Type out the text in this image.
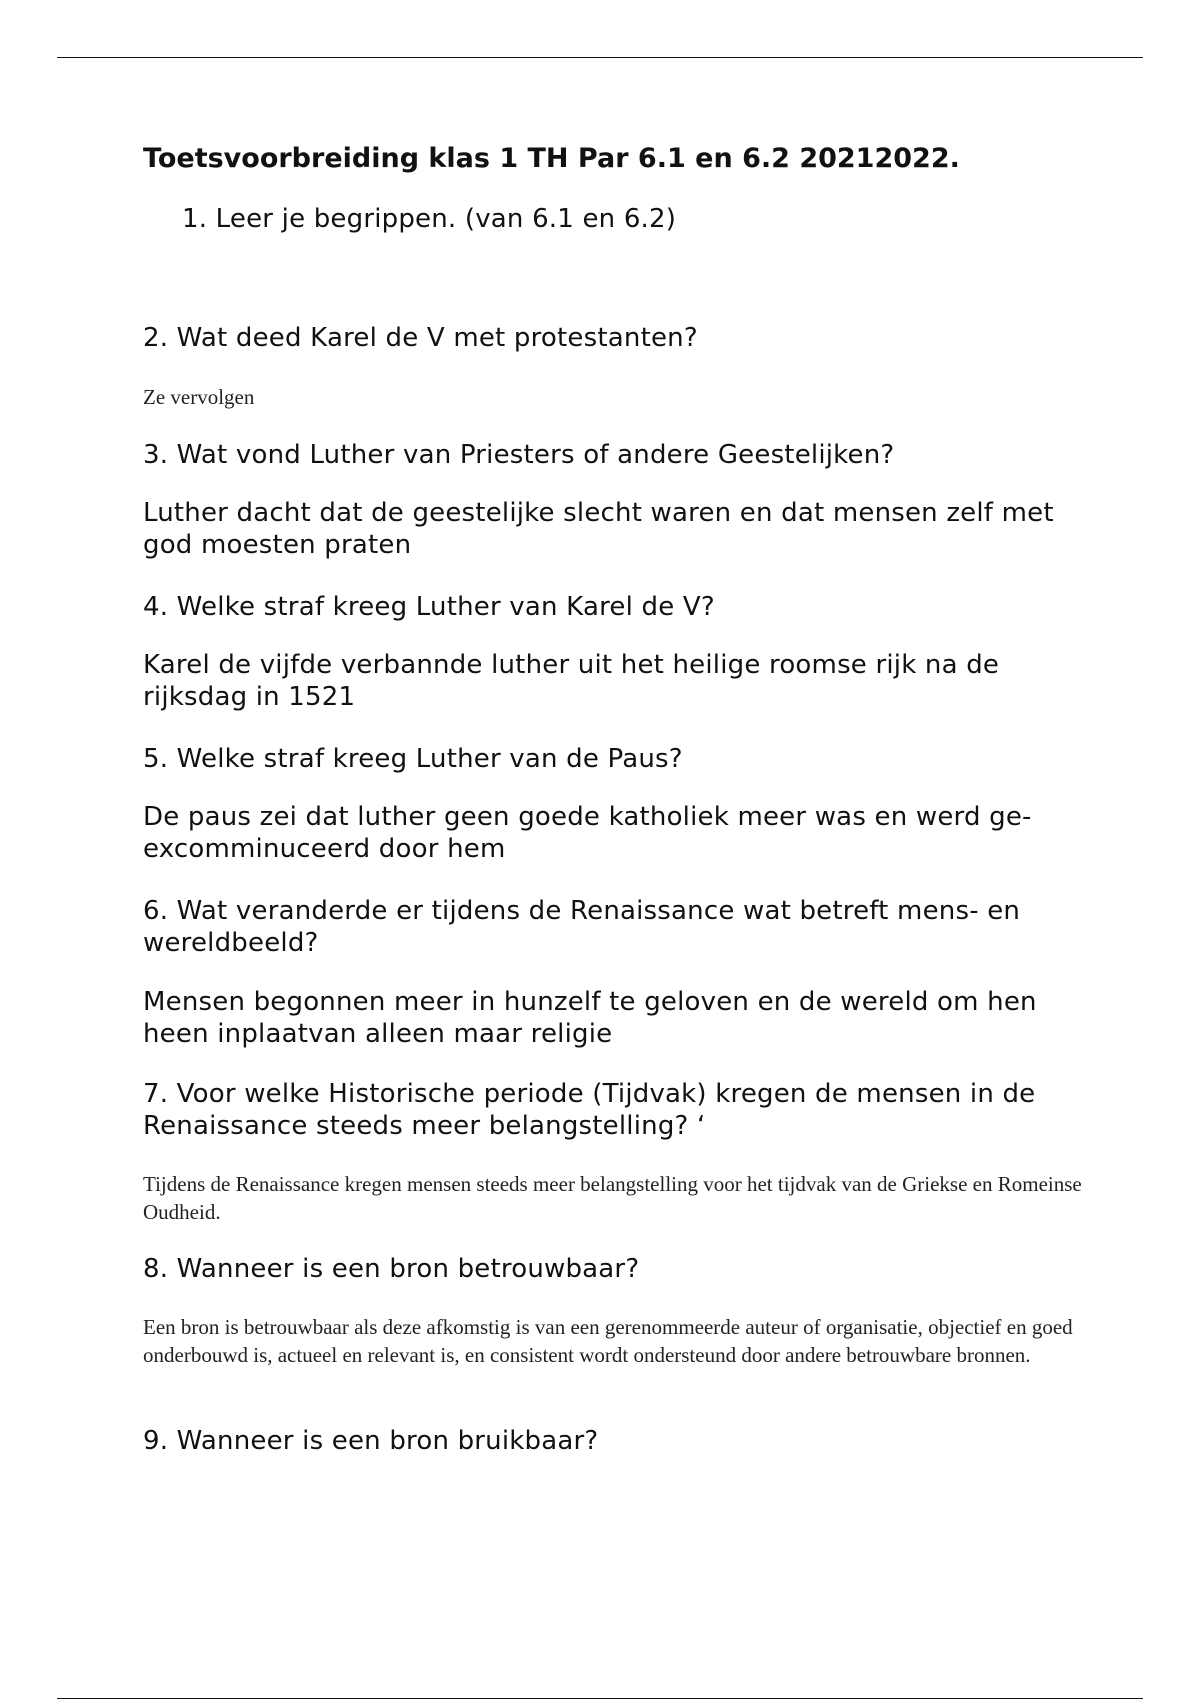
Toetsvoorbreiding klas 1 TH Par 6.1 en 6.2 20212022.

1. Leer je begrippen. (van 6.1 en 6.2)

2. Wat deed Karel de V met protestanten?

Ze vervolgen

3. Wat vond Luther van Priesters of andere Geestelijken?

Luther dacht dat de geestelijke slecht waren en dat mensen zelf met god moesten praten

4. Welke straf kreeg Luther van Karel de V?

Karel de vijfde verbannde luther uit het heilige roomse rijk na de rijksdag in 1521

5. Welke straf kreeg Luther van de Paus?

De paus zei dat luther geen goede katholiek meer was en werd ge-excomminuceerd door hem

6. Wat veranderde er tijdens de Renaissance wat betreft mens- en wereldbeeld?

Mensen begonnen meer in hunzelf te geloven en de wereld om hen heen inplaatvan alleen maar religie

7. Voor welke Historische periode (Tijdvak) kregen de mensen in de Renaissance steeds meer belangstelling? ‘

Tijdens de Renaissance kregen mensen steeds meer belangstelling voor het tijdvak van de Griekse en Romeinse Oudheid.

8. Wanneer is een bron betrouwbaar?

Een bron is betrouwbaar als deze afkomstig is van een gerenommeerde auteur of organisatie, objectief en goed onderbouwd is, actueel en relevant is, en consistent wordt ondersteund door andere betrouwbare bronnen.

9. Wanneer is een bron bruikbaar?
